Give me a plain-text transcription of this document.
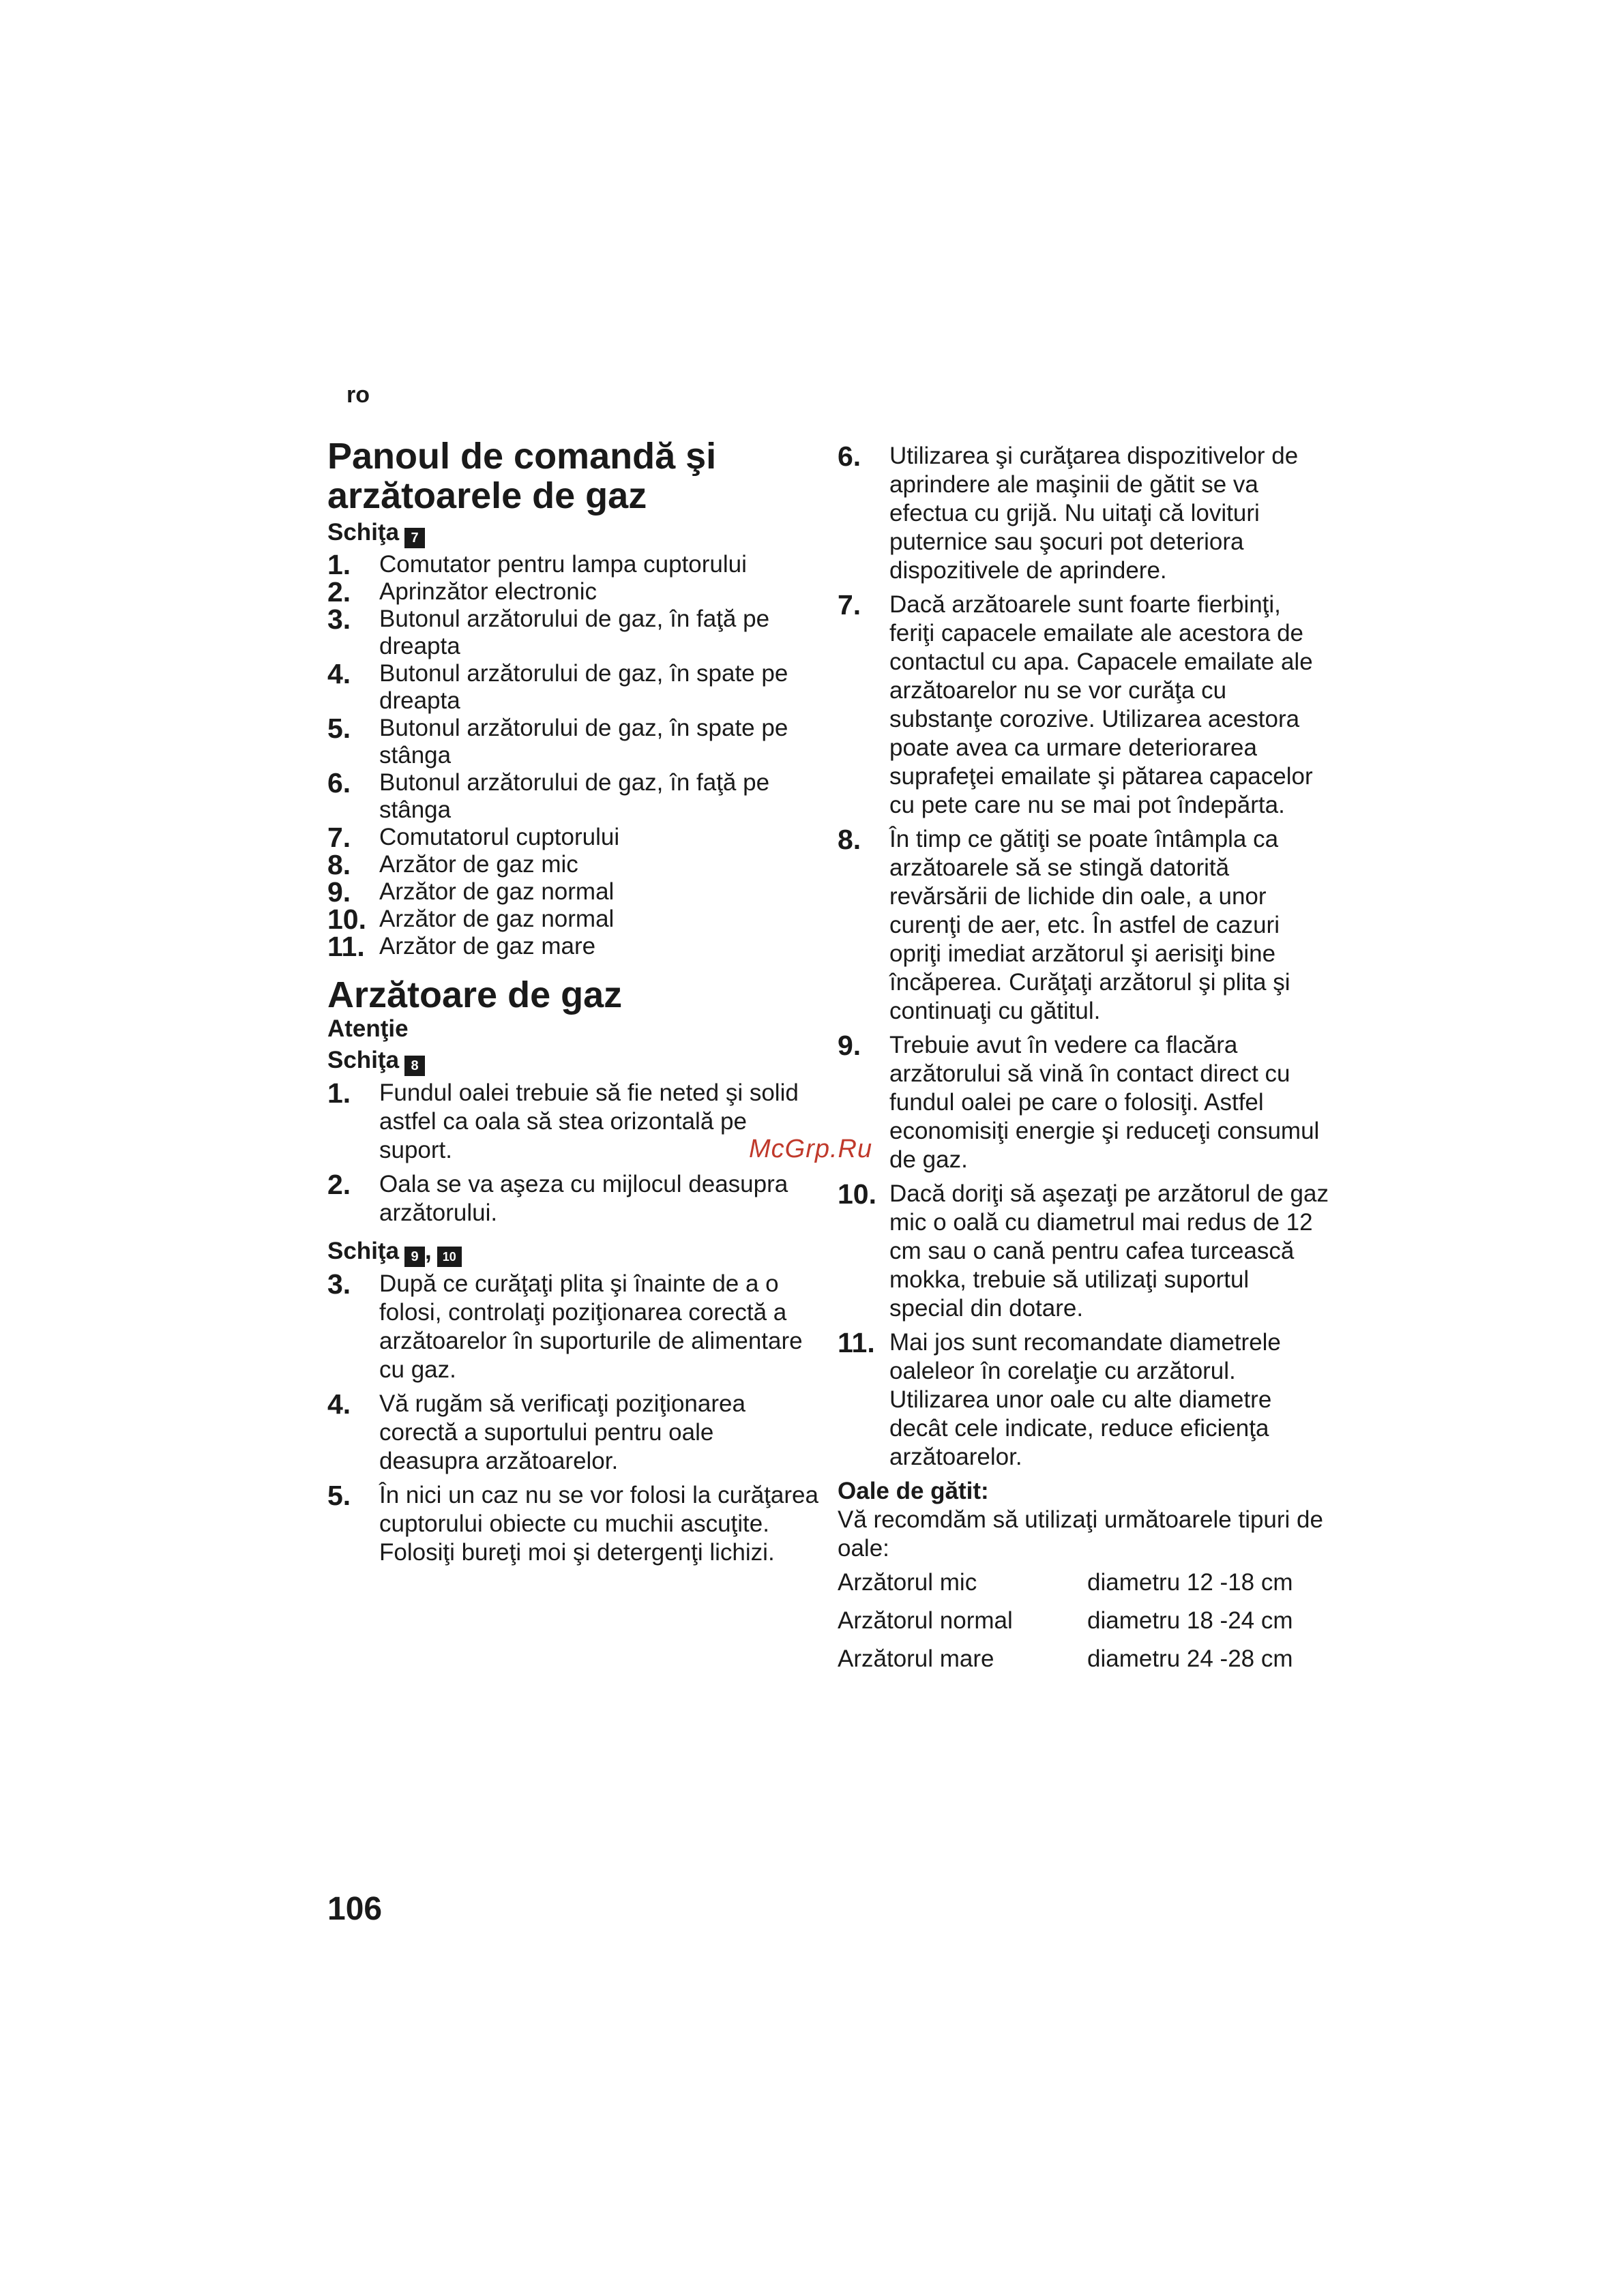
ro
Panoul de comandă şi arzătoarele de gaz
Schiţa 7
1.	Comutator pentru lampa cuptorului
2.	Aprinzător electronic
3.	Butonul arzătorului de gaz, în faţă pe dreapta
4.	Butonul arzătorului de gaz, în spate pe dreapta
5.	Butonul arzătorului de gaz, în spate pe stânga
6.	Butonul arzătorului de gaz, în faţă pe stânga
7.	Comutatorul cuptorului
8.	Arzător de gaz mic
9.	Arzător de gaz normal
10. Arzător de gaz normal
11. Arzător de gaz mare
Arzătoare de gaz
Atenţie
Schiţa 8
1.	Fundul oalei trebuie să fie neted şi solid astfel ca oala să stea orizontală pe suport.
2.	Oala se va aşeza cu mijlocul deasupra arzătorului.
Schiţa 9 , 10
3.	După ce curăţaţi plita şi înainte de a o folosi, controlaţi poziţionarea corectă a arzătoarelor în suporturile de alimentare cu gaz.
4.	Vă rugăm să verificaţi poziţionarea corectă a suportului pentru oale deasupra arzătoarelor.
5.	În nici un caz nu se vor folosi la curăţarea cuptorului obiecte cu muchii ascuţite. Folosiţi bureţi moi şi detergenţi lichizi.
6.	Utilizarea şi curăţarea dispozitivelor de aprindere ale maşinii de gătit se va efectua cu grijă. Nu uitaţi că lovituri puternice sau şocuri pot deteriora dispozitivele de aprindere.
7.	Dacă arzătoarele sunt foarte fierbinţi, feriţi capacele emailate ale acestora de contactul cu apa. Capacele emailate ale arzătoarelor nu se vor curăţa cu substanţe corozive. Utilizarea acestora poate avea ca urmare deteriorarea suprafeţei emailate şi pătarea capacelor cu pete care nu se mai pot îndepărta.
8.	În timp ce gătiţi se poate întâmpla ca arzătoarele să se stingă datorită revărsării de lichide din oale, a unor curenţi de aer, etc. În astfel de cazuri opriţi imediat arzătorul şi aerisiţi bine încăperea. Curăţaţi arzătorul şi plita şi continuaţi cu gătitul.
9.	Trebuie avut în vedere ca flacăra arzătorului să vină în contact direct cu fundul oalei pe care o folosiţi. Astfel economisiţi energie şi reduceţi consumul de gaz.
10. Dacă doriţi să aşezaţi pe arzătorul de gaz mic o oală cu diametrul mai redus de 12 cm sau o cană pentru cafea turcească mokka, trebuie să utilizaţi suportul special din dotare.
11. Mai jos sunt recomandate diametrele oaleleor în corelaţie cu arzătorul. Utilizarea unor oale cu alte diametre decât cele indicate, reduce eficienţa arzătoarelor.
Oale de gătit:

Vă recomdăm să utilizaţi următoarele tipuri de oale:

Arzătorul mic	diametru 12 -18 cm
Arzătorul normal	diametru 18 -24 cm
Arzătorul mare	diametru 24 -28 cm
McGrp.Ru
106
